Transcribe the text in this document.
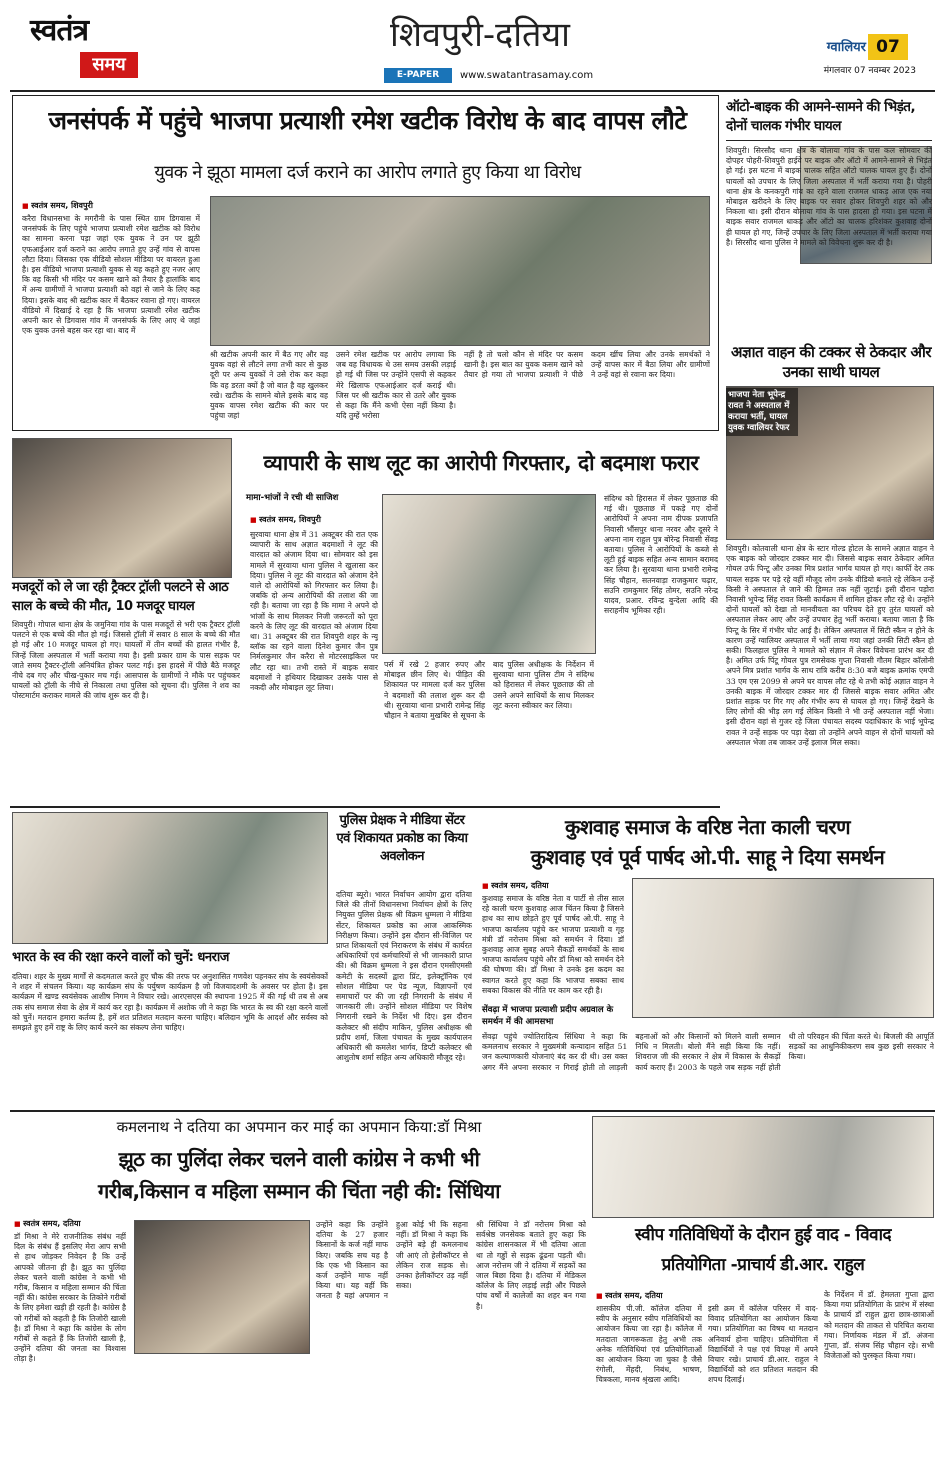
स्वतंत्र
समय
शिवपुरी-दतिया
E-PAPER	www.swatantrasamay.com
ग्वालियर 07
मंगलवार 07 नवम्बर 2023
जनसंपर्क में पहुंचे भाजपा प्रत्याशी रमेश खटीक विरोध के बाद वापस लौटे
युवक ने झूठा मामला दर्ज कराने का आरोप लगाते हुए किया था विरोध
■ स्वतंत्र समय, शिवपुरी
करैरा विधानसभा के मगरौनी के पास स्थित ग्राम डिगवास में जनसंपर्क के लिए पहुंचे भाजपा प्रत्याशी रमेश खटीक को विरोध का सामना करना पड़ा जहां एक युवक ने उन पर झूठी एफआईआर दर्ज कराने का आरोप लगाते हुए उन्हें गांव से वापस लौटा दिया। जिसका एक वीडियो सोशल मीडिया पर वायरल हुआ है। इस वीडियो भाजपा प्रत्याशी युवक से यह कहते हुए नजर आए कि वह किसी भी मंदिर पर कसम खाने को तैयार है हालांकि बाद में अन्य ग्रामीणों ने भाजपा प्रत्याशी को वहां से जाने के लिए कह दिया। इसके बाद श्री खटीक कार में बैठकर रवाना हो गए। वायरल वीडियो में दिखाई दे रहा है कि भाजपा प्रत्याशी रमेश खटीक अपनी कार से डिगवास गांव में जनसंपर्क के लिए आए थे जहां एक युवक उनसे बहस कर रहा था। बाद में
श्री खटीक अपनी कार में बैठ गए और वह युवक वहां से लौटने लगा तभी कार से कुछ दूरी पर अन्य युवकों ने उसे रोक कर कहा कि वह डरता क्यों है जो बात है वह खुलकर रखे। खटीक के सामने बोले इसके बाद वह युवक वापस रमेश खटीक की कार पर पहुंचा जहां
उसने रमेश खटीक पर आरोप लगाया कि जब वह विधायक थे उस समय उसकी लड़ाई हो गई थी जिस पर उन्होंने एसपी से कहकर मेरे खिलाफ एफआईआर दर्ज कराई थी। जिस पर श्री खटीक कार से उतरे और युवक से कहा कि मैंने कभी ऐसा नहीं किया है। यदि तुम्हें भरोसा
नहीं है तो चलो कौन से मंदिर पर कसम खानी है। इस बात का युवक कसम खाने को तैयार हो गया तो भाजपा प्रत्याशी ने पीछे कदम खींच लिया और उनके समर्थकों ने उन्हें वापस कार में बैठा लिया और ग्रामीणों ने उन्हें वहां से रवाना कर दिया।
ऑटो-बाइक की आमने-सामने की भिड़ंत, दोनों चालक गंभीर घायल
शिवपुरी। सिरसौद थाना क्षेत्र के बोलाया गांव के पास कल सोमवार की दोपहर पोहरी-शिवपुरी हाईवे पर बाइक और ऑटो में आमने-सामने से भिड़ंत हो गई। इस घटना में बाइक चालक सहित ऑटो चालक घायल हुए हैं। दोनों घायलों को उपचार के लिए जिला अस्पताल में भर्ती कराया गया है। पोहरी थाना क्षेत्र के कनकपुरी गांव का रहने वाला राजमल धाकड़ आज एक नया मोबाइल खरीदने के लिए बाइक पर सवार होकर शिवपुरी शहर को और निकला था। इसी दौरान बोलाया गांव के पास हादसा हो गया। इस घटना में बाइक सवार राजमल धाकड़ और ऑटो का चालक हरिशंकर कुशवाह दोनों ही घायल हो गए, जिन्हें उपचार के लिए जिला अस्पताल में भर्ती कराया गया है। सिरसौद थाना पुलिस ने मामले को विवेचना शुरू कर दी है।
अज्ञात वाहन की टक्कर से ठेकदार और उनका साथी घायल
भाजपा नेता भूपेन्द्र रावत ने अस्पताल में कराया भर्ती, घायल युवक ग्वालियर रेफर
शिवपुरी। कोतवाली थाना क्षेत्र के स्टार गोल्ड होटल के सामने अज्ञात वाहन ने एक बाइक को जोरदार टक्कर मार दी। जिससे बाइक सवार ठेकेदार अमित गोयल उर्फ पिन्टू और उनका मित्र प्रशांत भार्गव घायल हो गए। कार्फी देर तक घायल सड़क पर पड़े रहे वहीं मौजूद लोग उनके वीडियो बनाते रहे लेकिन उन्हें किसी ने अस्पताल ले जाने की हिम्मत तक नहीं जुटाई। इसी दौरान पड़ोरा निवासी भूपेन्द्र सिंह रावत किसी कार्यक्रम में शामिल होकर लौट रहे थे। उन्होंने दोनों घायलों को देखा तो मानवीयता का परिचय देते हुए तुरंत घायलों को अस्पताल लेकर आए और उन्हें उपचार हेतु भर्ती कराया। बताया जाता है कि पिन्टू के सिर में गंभीर चोट आई है। लेकिन अस्पताल में सिटी स्कैन न होने के कारण उन्हें ग्वालियर अस्पताल में भर्ती लाया गया जहां उनकी सिटी स्कैन हो सकी। फिलहाल पुलिस ने मामले को संज्ञान में लेकर विवेचना प्रारंभ कर दी है। अमित उर्फ पिंटू गोयल पुत्र रामसेवक गुप्ता निवासी गौतम बिहार कॉलोनी अपने मित्र प्रशांत भार्गव के साथ रात्रि करीब 8:30 बजे बाइक क्रमांक एमपी 33 एम एस 2099 से अपने घर वापस लौट रहे थे तभी कोई अज्ञात वाहन ने उनकी बाइक में जोरदार टक्कर मार दी जिससे बाइक सवार अमित और प्रशांत सड़क पर गिर गए और गंभीर रूप से घायल हो गए। जिन्हें देखने के लिए लोगों की भीड़ लग गई लेकिन किसी ने भी उन्हें अस्पताल नहीं भेजा। इसी दौरान वहां से गुजर रहे जिला पंचायत सदस्य पदाधिकार के भाई भूपेन्द्र रावत ने उन्हें सड़क पर पड़ा देखा तो उन्होंने अपने वाहन से दोनों घायलों को अस्पताल भेजा तब जाकर उन्हें इलाज मिल सका।
मजदूरों को ले जा रही ट्रैक्टर ट्रॉली पलटने से आठ साल के बच्चे की मौत, 10 मजदूर घायल
शिवपुरी। गोपाल थाना क्षेत्र के जमुनिया गांव के पास मजदूरों से भरी एक ट्रैक्टर ट्रॉली पलटने से एक बच्चे की मौत हो गई। जिससे ट्रॉली में सवार 8 साल के बच्चे की मौत हो गई और 10 मजदूर घायल हो गए। घायलों में तीन बच्चों की हालत गंभीर है, जिन्हें जिला अस्पताल में भर्ती कराया गया है। इसी प्रकार ग्राम के पास सड़क पर जाते समय ट्रैक्टर-ट्रॉली अनियंत्रित होकर पलट गई। इस हादसे में पीछे बैठे मजदूर नीचे दब गए और चीख-पुकार मच गई। आसपास के ग्रामीणों ने मौके पर पहुंचकर घायलों को ट्रॉली के नीचे से निकाला तथा पुलिस को सूचना दी। पुलिस ने शव का पोस्टमार्टम कराकर मामले की जांच शुरू कर दी है।
व्यापारी के साथ लूट का आरोपी गिरफ्तार, दो बदमाश फरार
मामा-भांजों ने रची थी साजिश
■ स्वतंत्र समय, शिवपुरी
सुरवाया थाना क्षेत्र में 31 अक्टूबर की रात एक व्यापारी के साथ अज्ञात बदमाशों ने लूट की वारदात को अंजाम दिया था। सोमवार को इस मामले में सुरवाया थाना पुलिस ने खुलासा कर दिया। पुलिस ने लूट की वारदात को अंजाम देने वाले दो आरोपियों को गिरफ्तार कर लिया है। जबकि दो अन्य आरोपियों की तलाश की जा रही है। बताया जा रहा है कि मामा ने अपने दो भांजों के साथ मिलकर निजी जरूरतों को पूरा करने के लिए लूट की वारदात को अंजाम दिया था। 31 अक्टूबर की रात शिवपुरी शहर के न्यू ब्लॉक का रहने वाला दिनेश कुमार जैन पुत्र निर्मलकुमार जैन करैरा से मोटरसाइकिल पर लौट रहा था। तभी रास्ते में बाइक सवार बदमाशों ने हथियार दिखाकर उसके पास से नकदी और मोबाइल लूट लिया।
पर्स में रखे 2 हजार रुपए और मोबाइल छीन लिए थे। पीड़ित की शिकायत पर मामला दर्ज कर पुलिस ने बदमाशों की तलाश शुरू कर दी थी। सुरवाया थाना प्रभारी रामेन्द्र सिंह चौहान ने बताया मुखबिर से सूचना के बाद पुलिस अधीक्षक के निर्देशन में सुरवाया थाना पुलिस टीम ने संदिग्ध को हिरासत में लेकर पूछताछ की तो उसने अपने साथियों के साथ मिलकर लूट करना स्वीकार कर लिया।
संदिग्ध को हिरासत में लेकर पूछताछ की गई थी। पूछताछ में पकड़े गए दोनों आरोपियों ने अपना नाम दीपक प्रजापति निवासी भौंसपुर थाना नरवर और दूसरे ने अपना नाम राहुल पुत्र बोरेन्द्र निवासी सेंवड़ बताया। पुलिस ने आरोपियों के कब्जे से लूटी हुई बाइक सहित अन्य सामान बरामद कर लिया है। सुरवाया थाना प्रभारी रामेन्द्र सिंह चौहान, सतनवाड़ा राजकुमार चढ़ार, सउनि रामकुमार सिंह तोमर, सउनि नरेन्द्र यादव, प्रआर. रविन्द्र बुन्देला आदि की सराहनीय भूमिका रही।
भारत के स्व की रक्षा करने वालों को चुनें: धनराज
दतिया। शहर के मुख्य मार्गों से कदमताल करते हुए चौक की तरफ पर अनुशासित गणवेश पहनकर संघ के स्वयंसेवकों ने शहर में संचलन किया। यह कार्यक्रम संघ के पर्युषण कार्यक्रम है जो विजयादशमी के अवसर पर होता है। इस कार्यक्रम में खण्ड स्वयंसेवक आशीष निगम ने विचार रखे। आरएसएस की स्थापना 1925 में की गई थी तब से अब तक संघ समाज सेवा के क्षेत्र में कार्य कर रहा है। कार्यक्रम में अशोक जी ने कहा कि भारत के स्व की रक्षा करने वालों को चुनें। मतदान हमारा कर्तव्य है, हमें शत प्रतिशत मतदान करना चाहिए। बलिदान भूमि के आदर्श और सर्वस्व को समझते हुए हमें राष्ट्र के लिए कार्य करने का संकल्प लेना चाहिए।
पुलिस प्रेक्षक ने मीडिया सेंटर एवं शिकायत प्रकोष्ठ का किया अवलोकन
दतिया ब्यूरो। भारत निर्वाचन आयोग द्वारा दतिया जिले की तीनों विधानसभा निर्वाचन क्षेत्रों के लिए नियुक्त पुलिस प्रेक्षक श्री विक्रम धुम्मला ने मीडिया सेंटर, शिकायत प्रकोष्ठ का आज आकस्मिक निरीक्षण किया। उन्होंने इस दौरान सी-विजिल पर प्राप्त शिकायतों एवं निराकरण के संबंध में कार्यरत अधिकारियों एवं कर्मचारियों से भी जानकारी प्राप्त की। श्री विक्रम धुम्मला ने इस दौरान एमसीएमसी कमेटी के सदस्यों द्वारा प्रिंट, इलेक्ट्रॉनिक एवं सोशल मीडिया पर पेड न्यूज, विज्ञापनों एवं समाचारों पर की जा रही निगरानी के संबंध में जानकारी ली। उन्होंने सोशल मीडिया पर विशेष निगरानी रखने के निर्देश भी दिए। इस दौरान कलेक्टर श्री संदीप माकिन, पुलिस अधीक्षक श्री प्रदीप शर्मा, जिला पंचायत के मुख्य कार्यपालन अधिकारी श्री कमलेश भार्गव, डिप्टी कलेक्टर श्री आशुतोष शर्मा सहित अन्य अधिकारी मौजूद रहे।
कुशवाह समाज के वरिष्ठ नेता काली चरण
कुशवाह एवं पूर्व पार्षद ओ.पी. साहू ने दिया समर्थन
■ स्वतंत्र समय, दतिया
कुशवाह समाज के वरिष्ठ नेता व पार्टी से तीस साल रहे काली चरण कुशवाह आज चिंतन किया है जिसने हाथ का साथ छोड़ते हुए पूर्व पार्षद ओ.पी. साहू ने भाजपा कार्यालय पहुंचे कर भाजपा प्रत्याशी व गृह मंत्री डॉ नरोत्तम मिश्रा को समर्थन ने दिया। डॉ कुशवाह आज सुबह अपने सैकड़ों समर्थकों के साथ भाजपा कार्यालय पहुंचे और डॉ मिश्रा को समर्थन देने की घोषणा की। डॉ मिश्रा ने उनके इस कदम का स्वागत करते हुए कहा कि भाजपा सबका साथ सबका विकास की नीति पर काम कर रही है।
सेंवढ़ा में भाजपा प्रत्याशी प्रदीप अग्रवाल के समर्थन में की आमसभा
सेंवढ़ा पहुंचे ज्योतिरादित्य सिंधिया ने कहा कि कमलनाथ सरकार ने मुख्यमंत्री कन्यादान सहित 51 जन कल्याणकारी योजनाएं बंद कर दी थी। उस वक्त अगर मैंने अपना सरकार न गिराई होती तो लाड़ली बहनाओं को और किसानों को मिलने वाली सम्मान निधि न मिलती। बोलो मैंने सही किया कि नहीं। शिवराज जी की सरकार ने क्षेत्र में विकास के सैकड़ों कार्य कराए हैं। 2003 के पहले जब सड़क नहीं होती थी तो परिवहन की चिंता करते थे। बिजली की आपूर्ति सड़कों का आधुनिकीकरण सब कुछ इसी सरकार ने किया।
कमलनाथ ने दतिया का अपमान कर माई का अपमान किया:डॉ मिश्रा
झूठ का पुलिंदा लेकर चलने वाली कांग्रेस ने कभी भी
गरीब,किसान व महिला सम्मान की चिंता नही की: सिंधिया
■ स्वतंत्र समय, दतिया
डॉ मिश्रा ने मेरे राजनीतिक संबंध नहीं दिल के संबंध हैं इसलिए मेरा आप सभी से हाथ जोड़कर निवेदन है कि उन्हें आपको जीतना ही है। झूठ का पुलिंदा लेकर चलने वाली कांग्रेस ने कभी भी गरीब, किसान व महिला सम्मान की चिंता नहीं की। कांग्रेस सरकार के तिकोने गरीबों के लिए हमेशा खड़ी ही रहती है। कांग्रेस है जो गरीबों को कहती है कि तिजोरी खाली है। डॉ मिश्रा ने कहा कि कांग्रेस के लोग गरीबों से कहते हैं कि तिजोरी खाली है, उन्होंने दतिया की जनता का विश्वास तोड़ा है।
उन्होंने कहा कि उन्होंने दतिया के 27 हजार किसानों के कर्ज नहीं माफ किए। जबकि सच यह है कि एक भी किसान का कर्ज उन्होंने माफ नहीं किया था। यह वहीं कि जनता है यहां अपमान न हुआ कोई भी कि सहना नहीं। डॉ मिश्रा ने कहा कि उन्होंने बड़े ही कमलनाथ जी आएं तो हेलीकॉप्टर से लेकिन राज सड़क से। उनका हेलीकॉप्टर उड़ नहीं सका।
श्री सिंधिया ने डॉ नरोत्तम मिश्रा को सर्वश्रेष्ठ जनसेवक बताते हुए कहा कि कांग्रेस शासनकाल में भी दतिया आता था तो गड्ढों से सड़क ढूंढना पड़ती थी। आज नरोत्तम जी ने दतिया में सड़कों का जाल बिछा दिया है। दतिया में मेडिकल कॉलेज के लिए लड़ाई लड़ी और पिछले पांच वर्षों में कालेजों का शहर बन गया है।
स्वीप गतिविधियों के दौरान हुई वाद - विवाद
प्रतियोगिता -प्राचार्य डी.आर. राहुल
■ स्वतंत्र समय, दतिया
शासकीय पी.जी. कॉलेज दतिया में स्वीप के अनुसार स्वीप गतिविधियों का आयोजन किया जा रहा है। कॉलेज में मतदाता जागरूकता हेतु अभी तक अनेक गतिविधियां एवं प्रतियोगिताओं का आयोजन किया जा चुका है जैसे रंगोली, मेंहदी, निबंध, भाषण, चित्रकला, मानव श्रृंखला आदि।
इसी क्रम में कॉलेज परिसर में वाद-विवाद प्रतियोगिता का आयोजन किया गया। प्रतियोगिता का विषय था मतदान अनिवार्य होना चाहिए। प्रतियोगिता में विद्यार्थियों ने पक्ष एवं विपक्ष में अपने विचार रखे। प्राचार्य डी.आर. राहुल ने विद्यार्थियों को शत प्रतिशत मतदान की शपथ दिलाई।
के निर्देशन में डॉ. हेमलता गुप्ता द्वारा किया गया प्रतियोगिता के प्रारंभ में संस्था के प्राचार्य डॉ राहुल द्वारा छात्र-छात्राओं को मतदान की ताकत से परिचित कराया गया। निर्णायक मंडल में डॉ. अंजना गुप्ता, डॉ. संजय सिंह चौहान रहे। सभी विजेताओं को पुरस्कृत किया गया।
